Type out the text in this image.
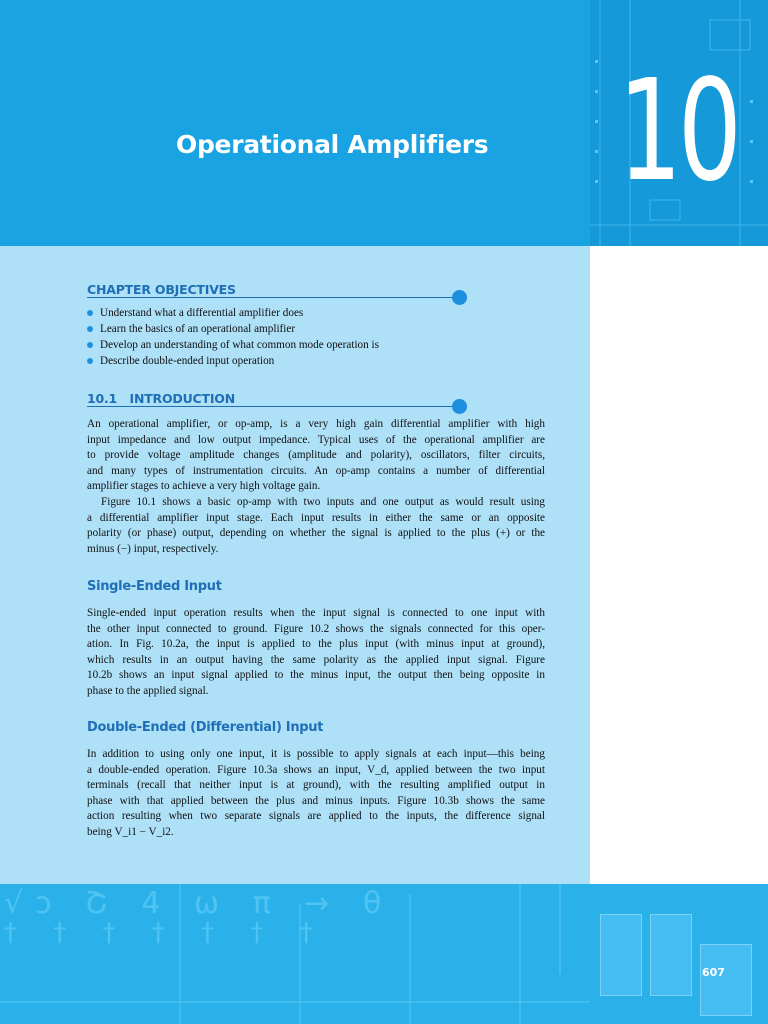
Operational Amplifiers 10
CHAPTER OBJECTIVES
Understand what a differential amplifier does
Learn the basics of an operational amplifier
Develop an understanding of what common mode operation is
Describe double-ended input operation
10.1   INTRODUCTION

An operational amplifier, or op-amp, is a very high gain differential amplifier with high
input impedance and low output impedance. Typical uses of the operational amplifier are
to provide voltage amplitude changes (amplitude and polarity), oscillators, filter circuits,
and many types of instrumentation circuits. An op-amp contains a number of differential
amplifier stages to achieve a very high voltage gain.

Figure 10.1 shows a basic op-amp with two inputs and one output as would result using
a differential amplifier input stage. Each input results in either the same or an opposite
polarity (or phase) output, depending on whether the signal is applied to the plus (+) or the
minus (−) input, respectively.

Single-Ended Input

Single-ended input operation results when the input signal is connected to one input with
the other input connected to ground. Figure 10.2 shows the signals connected for this oper-
ation. In Fig. 10.2a, the input is applied to the plus input (with minus input at ground),
which results in an output having the same polarity as the applied input signal. Figure
10.2b shows an input signal applied to the minus input, the output then being opposite in
phase to the applied signal.

Double-Ended (Differential) Input

In addition to using only one input, it is possible to apply signals at each input—this being
a double-ended operation. Figure 10.3a shows an input, V_d, applied between the two input
terminals (recall that neither input is at ground), with the resulting amplified output in
phase with that applied between the plus and minus inputs. Figure 10.3b shows the same
action resulting when two separate signals are applied to the inputs, the difference signal
being V_i1 − V_i2.

√ɔ Շ 4 ω π → θ
† † † † † † †
607
